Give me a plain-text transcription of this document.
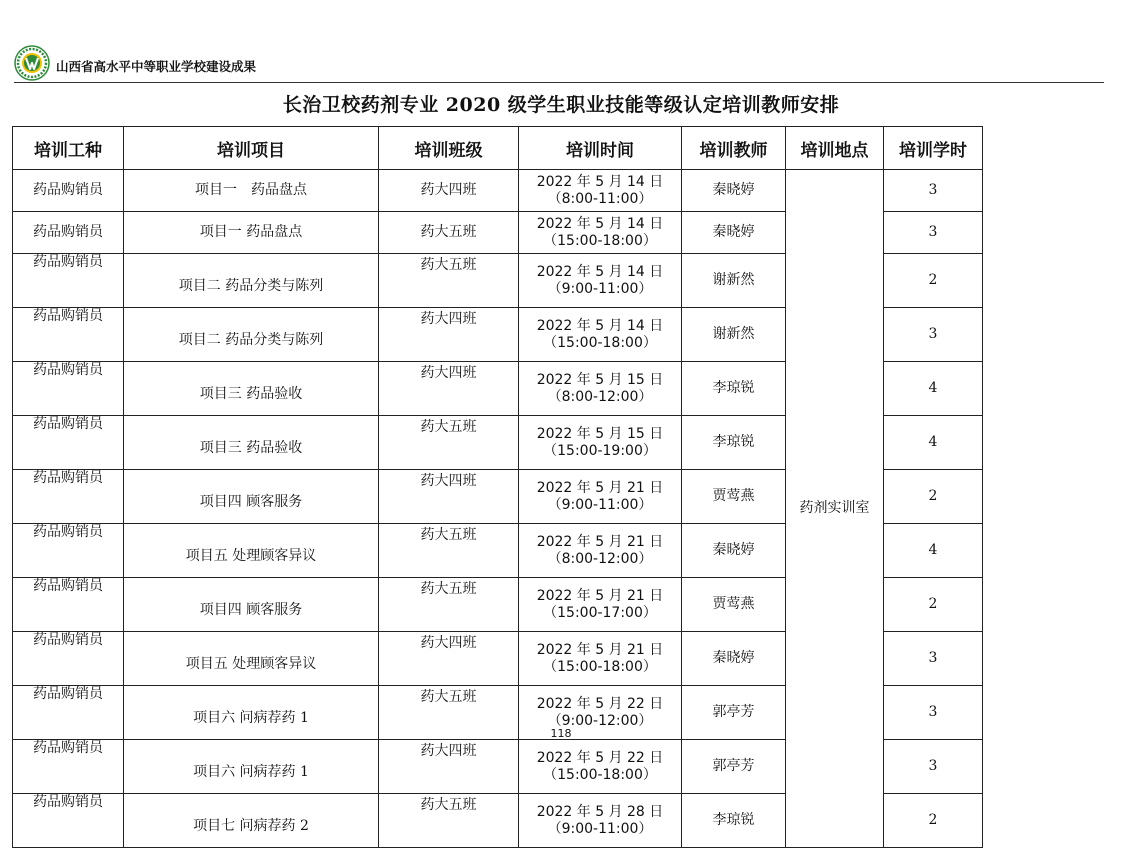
山西省高水平中等职业学校建设成果
长治卫校药剂专业 2020 级学生职业技能等级认定培训教师安排
培训工种	培训项目	培训班级	培训时间	培训教师	培训地点	培训学时
药品购销员	项目一　药品盘点	药大四班	2022 年 5 月 14 日
（8:00-11:00）	秦晓婷	药剂实训室	3
药品购销员	项目一 药品盘点	药大五班	2022 年 5 月 14 日
（15:00-18:00）	秦晓婷		3
药品购销员	项目二 药品分类与陈列	药大五班	2022 年 5 月 14 日
（9:00-11:00）	谢新然		2
药品购销员	项目二 药品分类与陈列	药大四班	2022 年 5 月 14 日
（15:00-18:00）	谢新然		3
药品购销员	项目三 药品验收	药大四班	2022 年 5 月 15 日
（8:00-12:00）	李琼锐		4
药品购销员	项目三 药品验收	药大五班	2022 年 5 月 15 日
（15:00-19:00）	李琼锐		4
药品购销员	项目四 顾客服务	药大四班	2022 年 5 月 21 日
（9:00-11:00）	贾莺燕		2
药品购销员	项目五 处理顾客异议	药大五班	2022 年 5 月 21 日
（8:00-12:00）	秦晓婷		4
药品购销员	项目四 顾客服务	药大五班	2022 年 5 月 21 日
（15:00-17:00）	贾莺燕		2
药品购销员	项目五 处理顾客异议	药大四班	2022 年 5 月 21 日
（15:00-18:00）	秦晓婷		3
药品购销员	项目六 问病荐药 1	药大五班	2022 年 5 月 22 日
（9:00-12:00）	郭亭芳		3
药品购销员	项目六 问病荐药 1	药大四班	2022 年 5 月 22 日
（15:00-18:00）	郭亭芳		3
药品购销员	项目七 问病荐药 2	药大五班	2022 年 5 月 28 日
（9:00-11:00）	李琼锐		2
118
